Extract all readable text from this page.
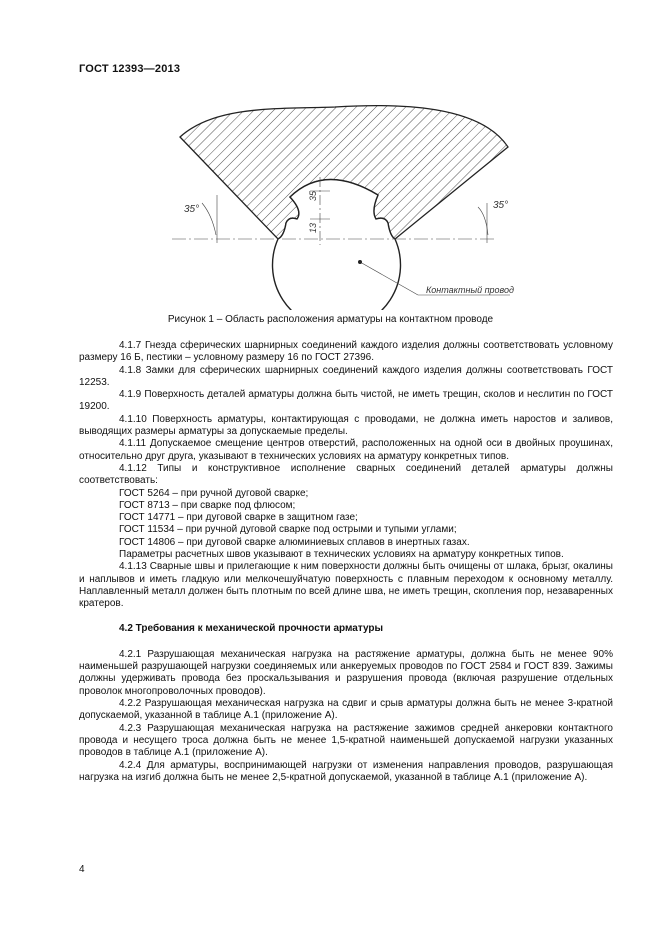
ГОСТ 12393—2013
35°	35°
35
13
Контактный провод
Рисунок 1 – Область расположения арматуры на контактном проводе

4.1.7 Гнезда сферических шарнирных соединений каждого изделия должны соответствовать условному размеру 16 Б, пестики – условному размеру 16 по ГОСТ 27396.

4.1.8 Замки для сферических шарнирных соединений каждого изделия должны соответствовать ГОСТ 12253.

4.1.9 Поверхность деталей арматуры должна быть чистой, не иметь трещин, сколов и неслитин по ГОСТ 19200.

4.1.10 Поверхность арматуры, контактирующая с проводами, не должна иметь наростов и заливов, выводящих размеры арматуры за допускаемые пределы.

4.1.11 Допускаемое смещение центров отверстий, расположенных на одной оси в двойных проушинах, относительно друг друга, указывают в технических условиях на арматуру конкретных типов.

4.1.12 Типы и конструктивное исполнение сварных соединений деталей арматуры должны соответствовать:

ГОСТ 5264 – при ручной дуговой сварке;

ГОСТ 8713 – при сварке под флюсом;

ГОСТ 14771 – при дуговой сварке в защитном газе;

ГОСТ 11534 – при ручной дуговой сварке под острыми и тупыми углами;

ГОСТ 14806 – при дуговой сварке алюминиевых сплавов в инертных газах.

Параметры расчетных швов указывают в технических условиях на арматуру конкретных типов.

4.1.13 Сварные швы и прилегающие к ним поверхности должны быть очищены от шлака, брызг, окалины и наплывов и иметь гладкую или мелкочешуйчатую поверхность с плавным переходом к основному металлу. Наплавленный металл должен быть плотным по всей длине шва, не иметь трещин, скопления пор, незаваренных кратеров.

4.2 Требования к механической прочности арматуры

4.2.1 Разрушающая механическая нагрузка на растяжение арматуры, должна быть не менее 90% наименьшей разрушающей нагрузки соединяемых или анкеруемых проводов по ГОСТ 2584 и ГОСТ 839. Зажимы должны удерживать провода без проскальзывания и разрушения провода (включая разрушение отдельных проволок многопроволочных проводов).

4.2.2 Разрушающая механическая нагрузка на сдвиг и срыв арматуры должна быть не менее 3-кратной допускаемой, указанной в таблице А.1 (приложение А).

4.2.3 Разрушающая механическая нагрузка на растяжение зажимов средней анкеровки контактного провода и несущего троса должна быть не менее 1,5-кратной наименьшей допускаемой нагрузки указанных проводов в таблице А.1 (приложение А).

4.2.4 Для арматуры, воспринимающей нагрузки от изменения направления проводов, разрушающая нагрузка на изгиб должна быть не менее 2,5-кратной допускаемой, указанной в таблице А.1 (приложение А).

4
